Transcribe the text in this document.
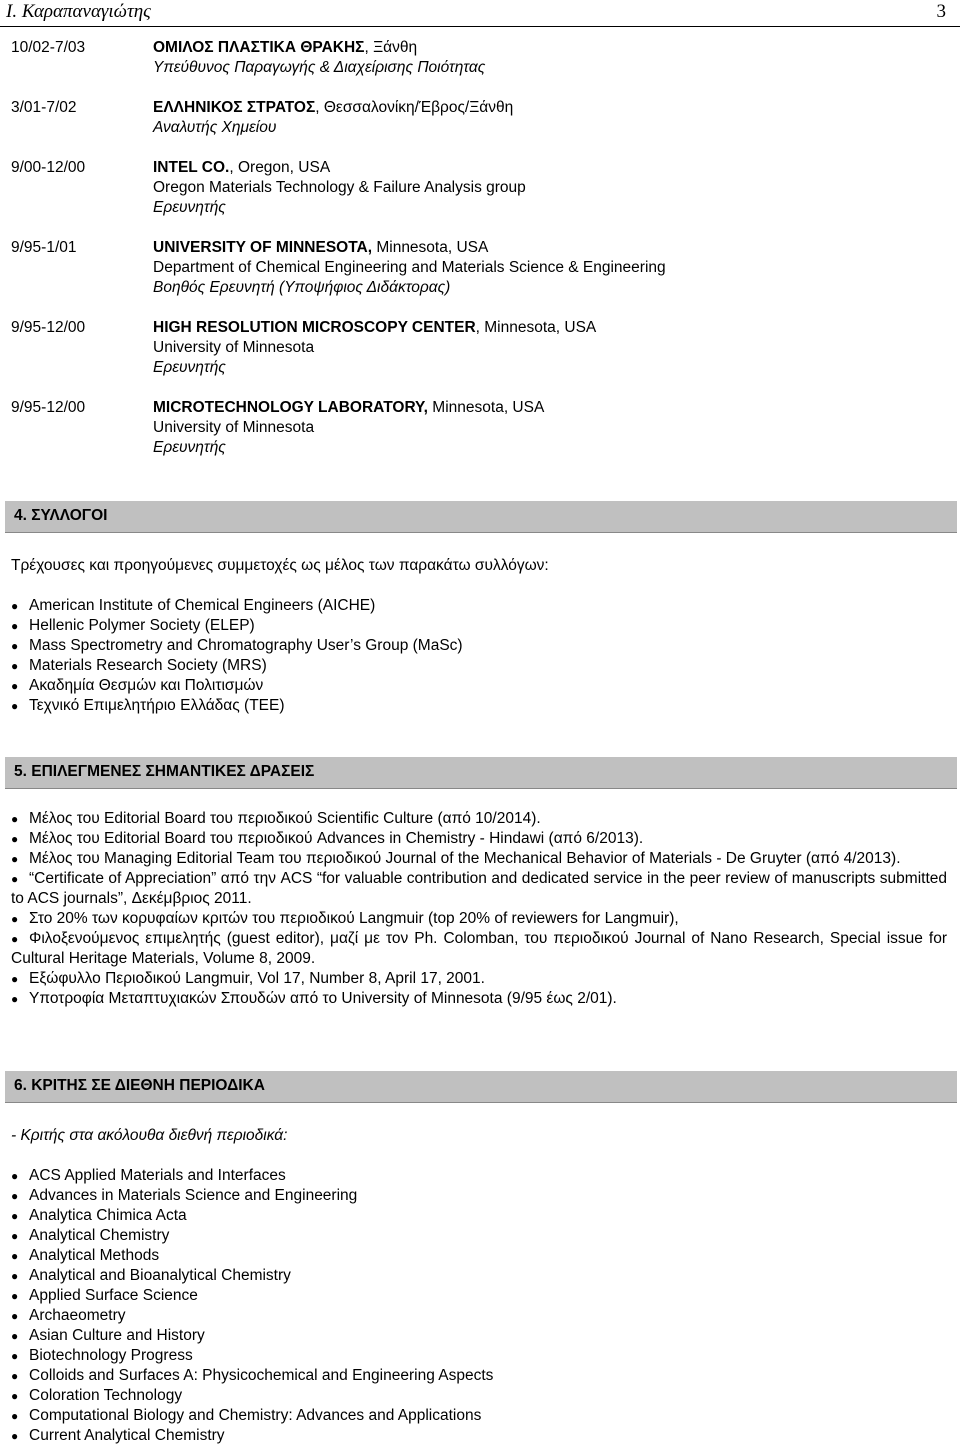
Ι. Καραπαναγιώτης	3
10/02-7/03	ΟΜΙΛΟΣ ΠΛΑΣΤΙΚΑ ΘΡΑΚΗΣ, Ξάνθη
Υπεύθυνος Παραγωγής & Διαχείρισης Ποιότητας
3/01-7/02	ΕΛΛΗΝΙΚΟΣ ΣΤΡΑΤΟΣ, Θεσσαλονίκη/Έβρος/Ξάνθη
Αναλυτής Χημείου
9/00-12/00	INTEL CO., Oregon, USA
Oregon Materials Technology & Failure Analysis group
Ερευνητής
9/95-1/01	UNIVERSITY OF MINNESOTA, Minnesota, USA
Department of Chemical Engineering and Materials Science & Engineering
Βοηθός Ερευνητή (Υποψήφιος Διδάκτορας)
9/95-12/00	HIGH RESOLUTION MICROSCOPY CENTER, Minnesota, USA
University of Minnesota
Ερευνητής
9/95-12/00	MICROTECHNOLOGY LABORATORY, Minnesota, USA
University of Minnesota
Ερευνητής
4. ΣΥΛΛΟΓΟΙ
Τρέχουσες και προηγούμενες συμμετοχές ως μέλος των παρακάτω συλλόγων:
● American Institute of Chemical Engineers (AICHE)
● Hellenic Polymer Society (ELEP)
● Mass Spectrometry and Chromatography User’s Group (MaSc)
● Materials Research Society (MRS)
● Ακαδημία Θεσμών και Πολιτισμών
● Τεχνικό Επιμελητήριο Ελλάδας (ΤΕΕ)
5. ΕΠΙΛΕΓΜΕΝΕΣ ΣΗΜΑΝΤΙΚΕΣ ΔΡΑΣΕΙΣ
● Μέλος του Editorial Board του περιοδικού Scientific Culture (από 10/2014).
● Μέλος του Editorial Board του περιοδικού Advances in Chemistry - Hindawi (από 6/2013).
● Μέλος του Managing Editorial Team του περιοδικού Journal of the Mechanical Behavior of Materials - De Gruyter (από 4/2013).
● “Certificate of Appreciation” από την ACS “for valuable contribution and dedicated service in the peer review of manuscripts submitted to ACS journals”, Δεκέμβριος 2011.
● Στο 20% των κορυφαίων κριτών του περιοδικού Langmuir (top 20% of reviewers for Langmuir),
● Φιλοξενούμενος επιμελητής (guest editor), μαζί με τον Ph. Colomban, του περιοδικού Journal of Nano Research, Special issue for Cultural Heritage Materials, Volume 8, 2009.
● Εξώφυλλο Περιοδικού Langmuir, Vol 17, Number 8, April 17, 2001.
● Υποτροφία Μεταπτυχιακών Σπουδών από το University of Minnesota (9/95 έως 2/01).
6. ΚΡΙΤΗΣ ΣΕ ΔΙΕΘΝΗ ΠΕΡΙΟΔΙΚΑ
- Κριτής στα ακόλουθα διεθνή περιοδικά:
● ACS Applied Materials and Interfaces
● Advances in Materials Science and Engineering
● Analytica Chimica Acta
● Analytical Chemistry
● Analytical Methods
● Analytical and Bioanalytical Chemistry
● Applied Surface Science
● Archaeometry
● Asian Culture and History
● Biotechnology Progress
● Colloids and Surfaces A: Physicochemical and Engineering Aspects
● Coloration Technology
● Computational Biology and Chemistry: Advances and Applications
● Current Analytical Chemistry
